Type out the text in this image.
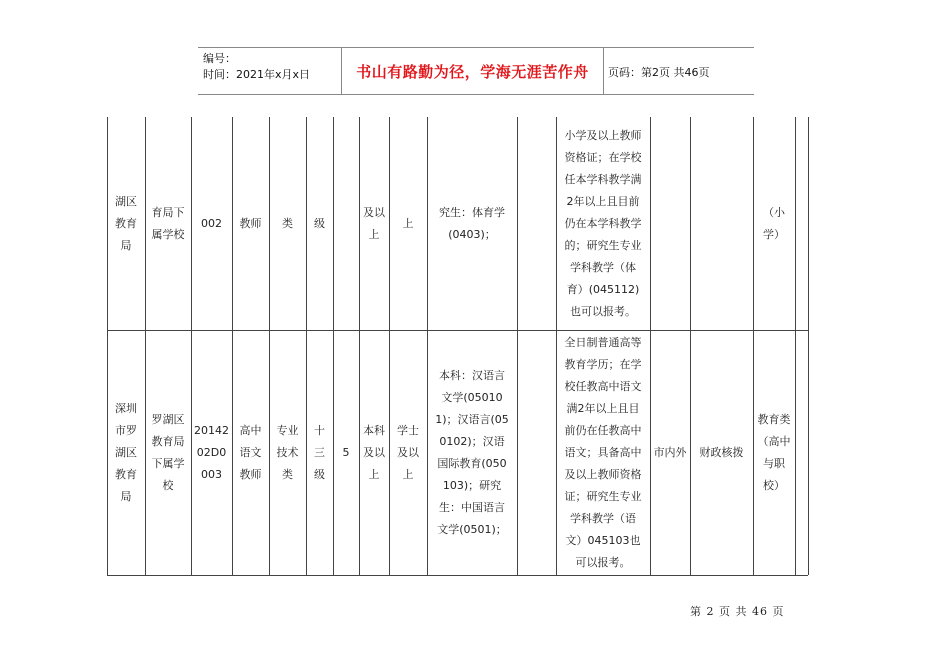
编号：
时间：2021年x月x日	书山有路勤为径，学海无涯苦作舟	页码：第2页 共46页
湖区教育局
育局下属学校
002 教师 类 级
及以上
上
究生：体育学(0403)；
小学及以上教师资格证；在学校任本学科教学满2年以上且目前仍在本学科教学的；研究生专业学科教学（体育）(045112)也可以报考。
（小学）
深圳市罗湖区教育局
罗湖区教育局下属学校
2014202D0003
高中语文教师
专业技术类
十三级
5
本科及以上
学士及以上
本科：汉语言文学(050101)；汉语言(050102)；汉语国际教育(050103)；研究生：中国语言文学(0501)；
全日制普通高等教育学历；在学校任教高中语文满2年以上且目前仍在任教高中语文；具备高中及以上教师资格证；研究生专业学科教学（语文）045103也可以报考。
市内外 财政核拨
教育类（高中与职校）
第 2 页 共 46 页
